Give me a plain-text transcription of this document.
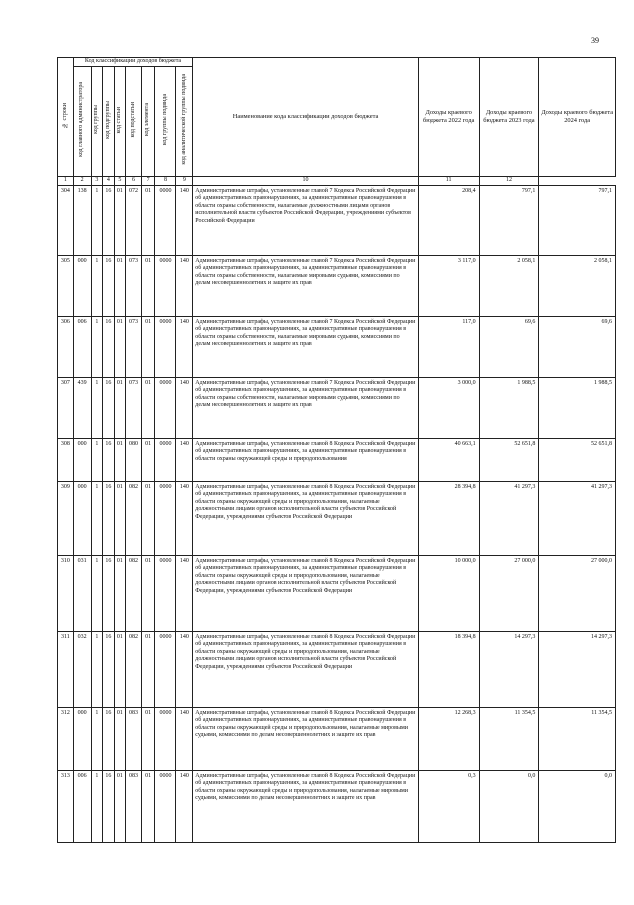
39
№ строки	Код классификации доходов бюджета								Наименование кода классификации доходов бюджета	Доходы краевого бюджета 2022 года	Доходы краевого бюджета 2023 года	Доходы краевого бюджета 2024 года
	код главного администратора	код группы	код подгруппы	код статьи	код подстатьи	код элемента	код группы подвида	код аналитической группы подвида				
1	2	3	4	5	6	7	8	9	10	11	12	
304	138	1	16	01	072	01	0000	140	Административные штрафы, установленные главой 7 Кодекса Российской Федерации об административных правонарушениях, за административные правонарушения в области охраны собственности, налагаемые должностными лицами органов исполнительной власти субъектов Российской Федерации, учреждениями субъектов Российской Федерации	208,4	797,1	797,1
305	000	1	16	01	073	01	0000	140	Административные штрафы, установленные главой 7 Кодекса Российской Федерации об административных правонарушениях, за административные правонарушения в области охраны собственности, налагаемые мировыми судьями, комиссиями по делам несовершеннолетних и защите их прав	3 117,0	2 058,1	2 058,1
306	006	1	16	01	073	01	0000	140	Административные штрафы, установленные главой 7 Кодекса Российской Федерации об административных правонарушениях, за административные правонарушения в области охраны собственности, налагаемые мировыми судьями, комиссиями по делам несовершеннолетних и защите их прав	117,0	69,6	69,6
307	439	1	16	01	073	01	0000	140	Административные штрафы, установленные главой 7 Кодекса Российской Федерации об административных правонарушениях, за административные правонарушения в области охраны собственности, налагаемые мировыми судьями, комиссиями по делам несовершеннолетних и защите их прав	3 000,0	1 988,5	1 988,5
308	000	1	16	01	080	01	0000	140	Административные штрафы, установленные главой 8 Кодекса Российской Федерации об административных правонарушениях, за административные правонарушения в области охраны окружающей среды и природопользования	40 663,1	52 651,8	52 651,8
309	000	1	16	01	082	01	0000	140	Административные штрафы, установленные главой 8 Кодекса Российской Федерации об административных правонарушениях, за административные правонарушения в области охраны окружающей среды и природопользования, налагаемые должностными лицами органов исполнительной власти субъектов Российской Федерации, учреждениями субъектов Российской Федерации	28 394,8	41 297,3	41 297,3
310	031	1	16	01	082	01	0000	140	Административные штрафы, установленные главой 8 Кодекса Российской Федерации об административных правонарушениях, за административные правонарушения в области охраны окружающей среды и природопользования, налагаемые должностными лицами органов исполнительной власти субъектов Российской Федерации, учреждениями субъектов Российской Федерации	10 000,0	27 000,0	27 000,0
311	032	1	16	01	082	01	0000	140	Административные штрафы, установленные главой 8 Кодекса Российской Федерации об административных правонарушениях, за административные правонарушения в области охраны окружающей среды и природопользования, налагаемые должностными лицами органов исполнительной власти субъектов Российской Федерации, учреждениями субъектов Российской Федерации	18 394,8	14 297,3	14 297,3
312	000	1	16	01	083	01	0000	140	Административные штрафы, установленные главой 8 Кодекса Российской Федерации об административных правонарушениях, за административные правонарушения в области охраны окружающей среды и природопользования, налагаемые мировыми судьями, комиссиями по делам несовершеннолетних и защите их прав	12 268,3	11 354,5	11 354,5
313	006	1	16	01	083	01	0000	140	Административные штрафы, установленные главой 8 Кодекса Российской Федерации об административных правонарушениях, за административные правонарушения в области охраны окружающей среды и природопользования, налагаемые мировыми судьями, комиссиями по делам несовершеннолетних и защите их прав	0,3	0,0	0,0
